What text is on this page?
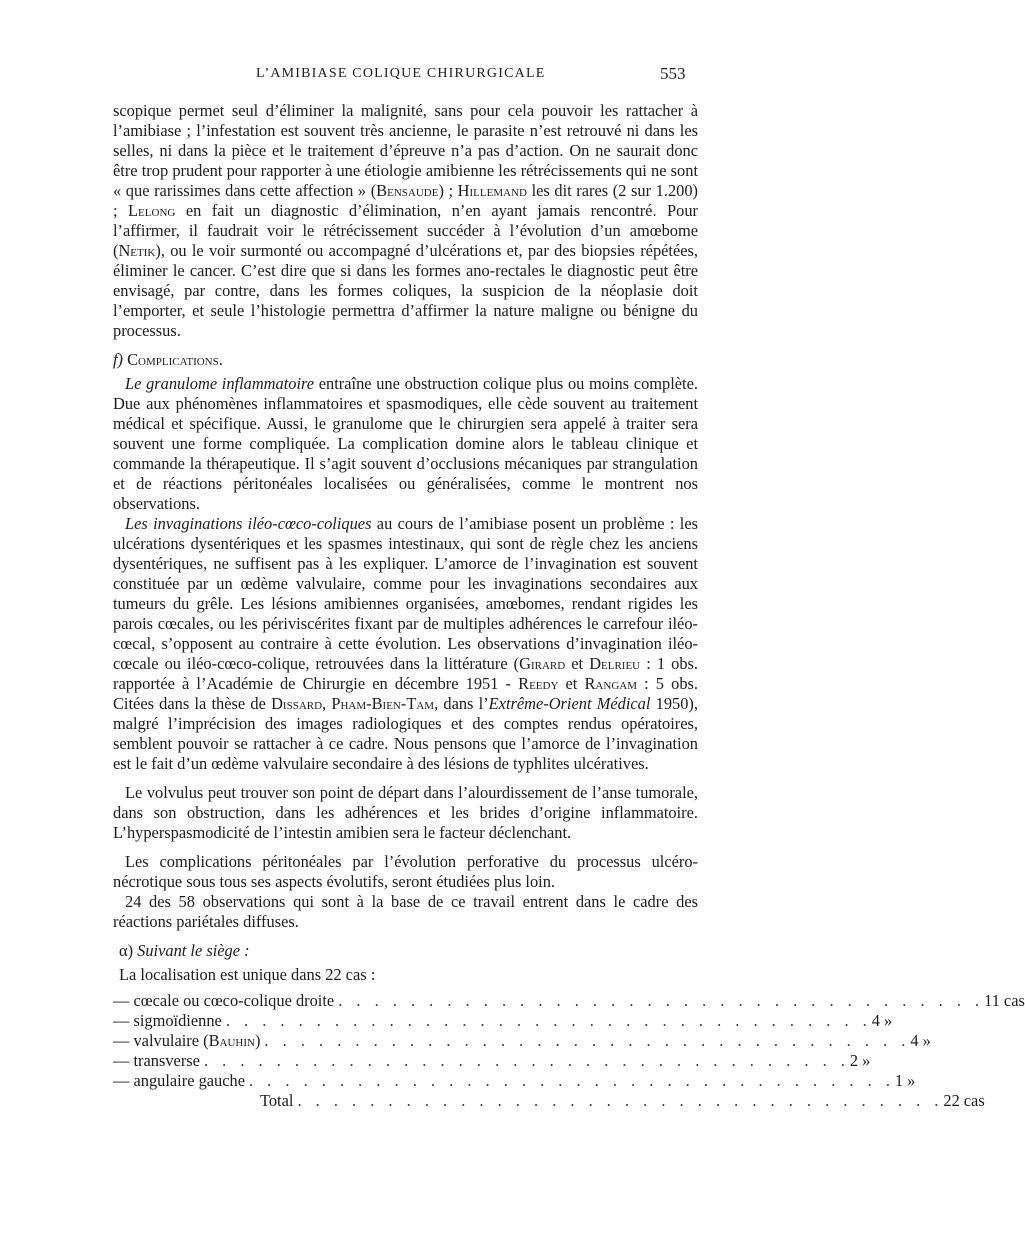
L’AMIBIASE COLIQUE CHIRURGICALE	553

scopique permet seul d’éliminer la malignité, sans pour cela pouvoir les rattacher à l’amibiase ; l’infestation est souvent très ancienne, le parasite n’est retrouvé ni dans les selles, ni dans la pièce et le traitement d’épreuve n’a pas d’action. On ne saurait donc être trop prudent pour rapporter à une étiologie amibienne les rétrécissements qui ne sont « que rarissimes dans cette affection » (Bensaude) ; Hillemand les dit rares (2 sur 1.200) ; Lelong en fait un diagnostic d’élimination, n’en ayant jamais rencontré. Pour l’affirmer, il faudrait voir le rétrécissement succéder à l’évolution d’un amœbome (Netik), ou le voir surmonté ou accompagné d’ulcérations et, par des biopsies répétées, éliminer le cancer. C’est dire que si dans les formes ano-rectales le diagnostic peut être envisagé, par contre, dans les formes coliques, la suspicion de la néoplasie doit l’emporter, et seule l’histologie permettra d’affirmer la nature maligne ou bénigne du processus.

f) Complications.

Le granulome inflammatoire entraîne une obstruction colique plus ou moins complète. Due aux phénomènes inflammatoires et spasmodiques, elle cède souvent au traitement médical et spécifique. Aussi, le granulome que le chirurgien sera appelé à traiter sera souvent une forme compliquée. La complication domine alors le tableau clinique et commande la thérapeutique. Il s’agit souvent d’occlusions mécaniques par strangulation et de réactions péritonéales localisées ou généralisées, comme le montrent nos observations.

Les invaginations iléo-cœco-coliques au cours de l’amibiase posent un problème : les ulcérations dysentériques et les spasmes intestinaux, qui sont de règle chez les anciens dysentériques, ne suffisent pas à les expliquer. L’amorce de l’invagination est souvent constituée par un œdème valvulaire, comme pour les invaginations secondaires aux tumeurs du grêle. Les lésions amibiennes organisées, amœbomes, rendant rigides les parois cœcales, ou les périviscérites fixant par de multiples adhérences le carrefour iléo-cœcal, s’opposent au contraire à cette évolution. Les observations d’invagination iléo-cœcale ou iléo-cœco-colique, retrouvées dans la littérature (Girard et Delrieu : 1 obs. rapportée à l’Académie de Chirurgie en décembre 1951 - Reedy et Rangam : 5 obs. Citées dans la thèse de Dissard, Pham-Bien-Tam, dans l’Extrême-Orient Médical 1950), malgré l’imprécision des images radiologiques et des comptes rendus opératoires, semblent pouvoir se rattacher à ce cadre. Nous pensons que l’amorce de l’invagination est le fait d’un œdème valvulaire secondaire à des lésions de typhlites ulcératives.

Le volvulus peut trouver son point de départ dans l’alourdissement de l’anse tumorale, dans son obstruction, dans les adhérences et les brides d’origine inflammatoire. L’hyperspasmodicité de l’intestin amibien sera le facteur déclenchant.

Les complications péritonéales par l’évolution perforative du processus ulcéro-nécrotique sous tous ses aspects évolutifs, seront étudiées plus loin.

24 des 58 observations qui sont à la base de ce travail entrent dans le cadre des réactions pariétales diffuses.

α) Suivant le siège :

La localisation est unique dans 22 cas :

— cœcale ou cœco-colique droite . . . . . . . . . . . . . . . . . . . . . . . . . . . . . . . . . . . . 11 cas
— sigmoïdienne . . . . . . . . . . . . . . . . . . . . . . . . . . . . . . . . . . . . 4 »
— valvulaire (Bauhin) . . . . . . . . . . . . . . . . . . . . . . . . . . . . . . . . . . . . 4 »
— transverse . . . . . . . . . . . . . . . . . . . . . . . . . . . . . . . . . . . . 2 »
— angulaire gauche . . . . . . . . . . . . . . . . . . . . . . . . . . . . . . . . . . . . 1 »
Total . . . . . . . . . . . . . . . . . . . . . . . . . . . . . . . . . . . . 22 cas
